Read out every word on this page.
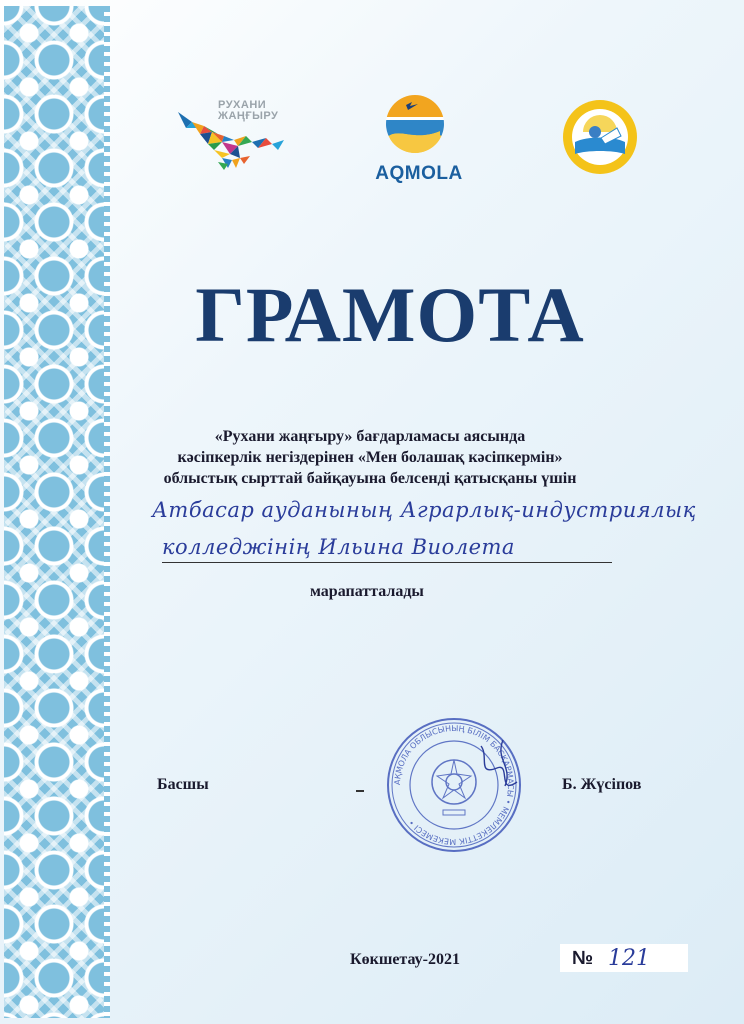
РУХАНИ
ЖАҢҒЫРУ
AQMOLA
ГРАМОТА
«Рухани жаңғыру» бағдарламасы аясында
кәсіпкерлік негіздерінен «Мен болашақ кәсіпкермін»
облыстық сырттай байқауына белсенді қатысқаны үшін
Атбасар ауданының Аграрлық-индустриялық
колледжінің Ильина Виолета
марапатталады
Басшы	АҚМОЛА ОБЛЫСЫНЫҢ БІЛІМ БАСҚАРМАСЫ • МЕМЛЕКЕТТІК МЕКЕМЕСІ •
Б. Жүсіпов
Көкшетау-2021	№ 121
